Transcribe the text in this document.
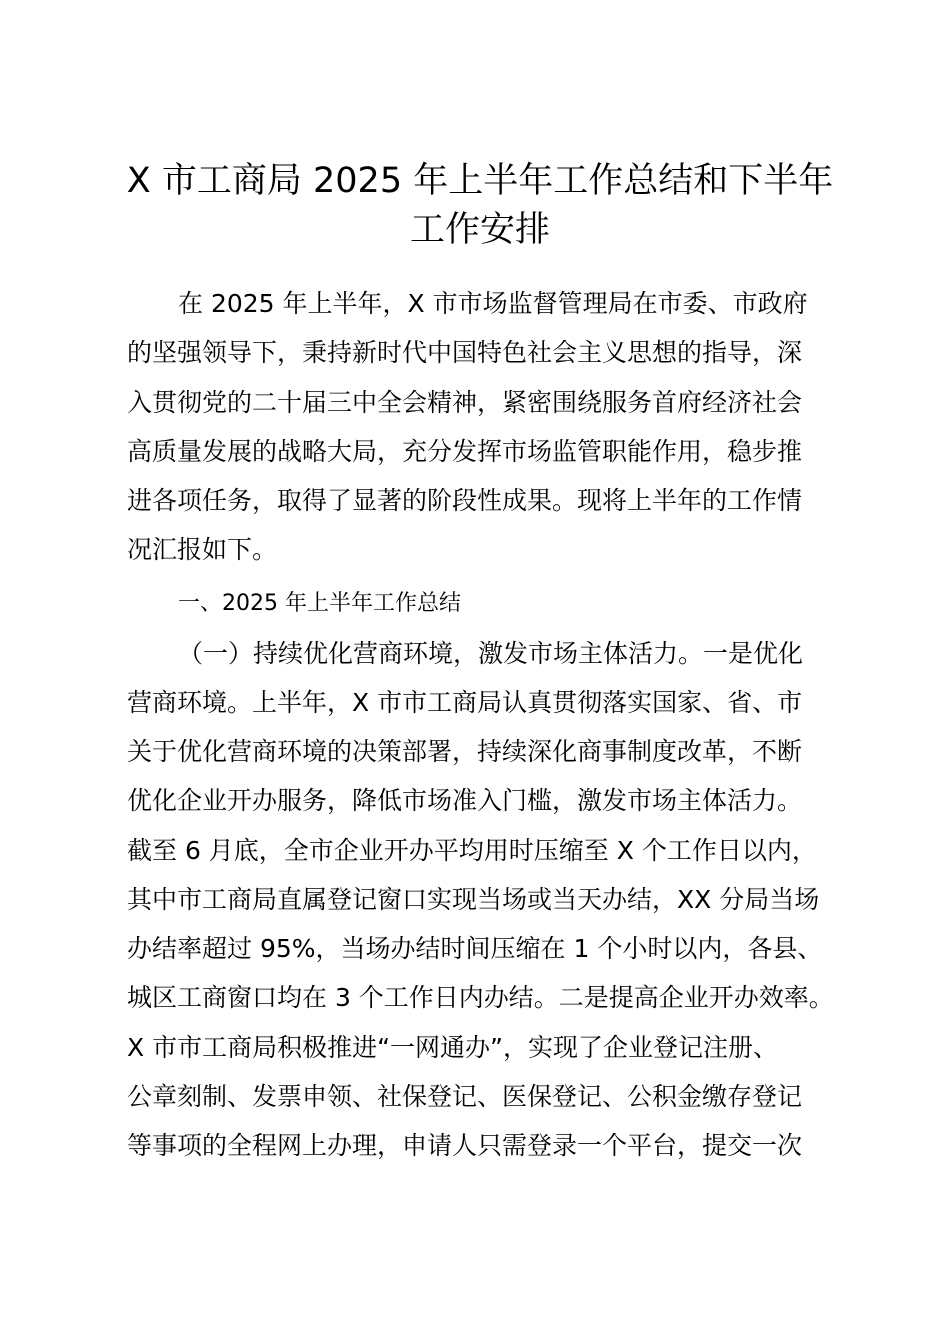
X 市工商局 2025 年上半年工作总结和下半年
工作安排
在 2025 年上半年，X 市市场监督管理局在市委、市政府
的坚强领导下，秉持新时代中国特色社会主义思想的指导，深
入贯彻党的二十届三中全会精神，紧密围绕服务首府经济社会
高质量发展的战略大局，充分发挥市场监管职能作用，稳步推
进各项任务，取得了显著的阶段性成果。现将上半年的工作情
况汇报如下。
一、2025 年上半年工作总结
（一）持续优化营商环境，激发市场主体活力。一是优化
营商环境。上半年，X 市市工商局认真贯彻落实国家、省、市
关于优化营商环境的决策部署，持续深化商事制度改革，不断
优化企业开办服务，降低市场准入门槛，激发市场主体活力。
截至 6 月底，全市企业开办平均用时压缩至 X 个工作日以内，
其中市工商局直属登记窗口实现当场或当天办结，XX 分局当场
办结率超过 95%，当场办结时间压缩在 1 个小时以内，各县、
城区工商窗口均在 3 个工作日内办结。二是提高企业开办效率。
X 市市工商局积极推进“一网通办”，实现了企业登记注册、
公章刻制、发票申领、社保登记、医保登记、公积金缴存登记
等事项的全程网上办理，申请人只需登录一个平台，提交一次
